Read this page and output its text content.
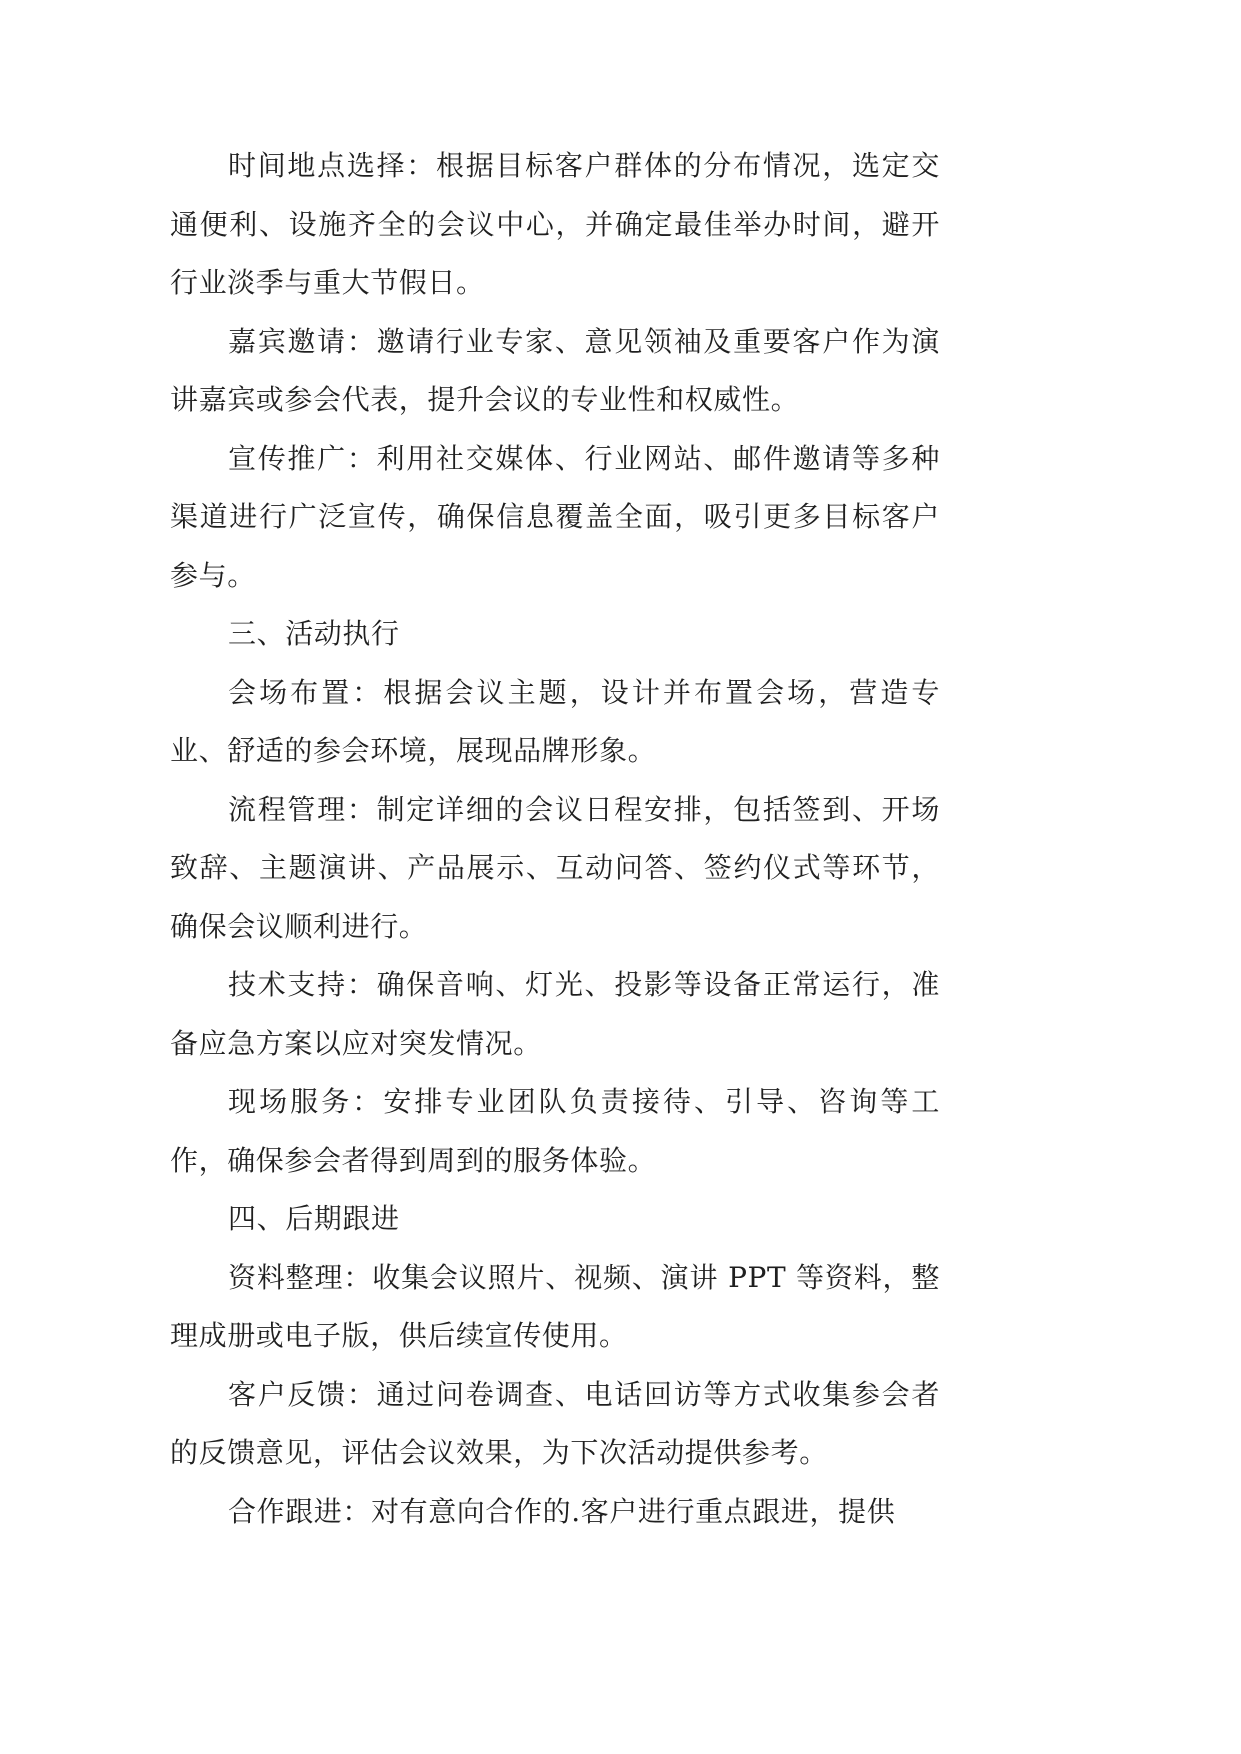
时间地点选择：根据目标客户群体的分布情况，选定交通便利、设施齐全的会议中心，并确定最佳举办时间，避开行业淡季与重大节假日。

嘉宾邀请：邀请行业专家、意见领袖及重要客户作为演讲嘉宾或参会代表，提升会议的专业性和权威性。

宣传推广：利用社交媒体、行业网站、邮件邀请等多种渠道进行广泛宣传，确保信息覆盖全面，吸引更多目标客户参与。

三、活动执行

会场布置：根据会议主题，设计并布置会场，营造专业、舒适的参会环境，展现品牌形象。

流程管理：制定详细的会议日程安排，包括签到、开场致辞、主题演讲、产品展示、互动问答、签约仪式等环节，确保会议顺利进行。

技术支持：确保音响、灯光、投影等设备正常运行，准备应急方案以应对突发情况。

现场服务：安排专业团队负责接待、引导、咨询等工作，确保参会者得到周到的服务体验。

四、后期跟进

资料整理：收集会议照片、视频、演讲 PPT 等资料，整理成册或电子版，供后续宣传使用。

客户反馈：通过问卷调查、电话回访等方式收集参会者的反馈意见，评估会议效果，为下次活动提供参考。

合作跟进：对有意向合作的.客户进行重点跟进，提供
